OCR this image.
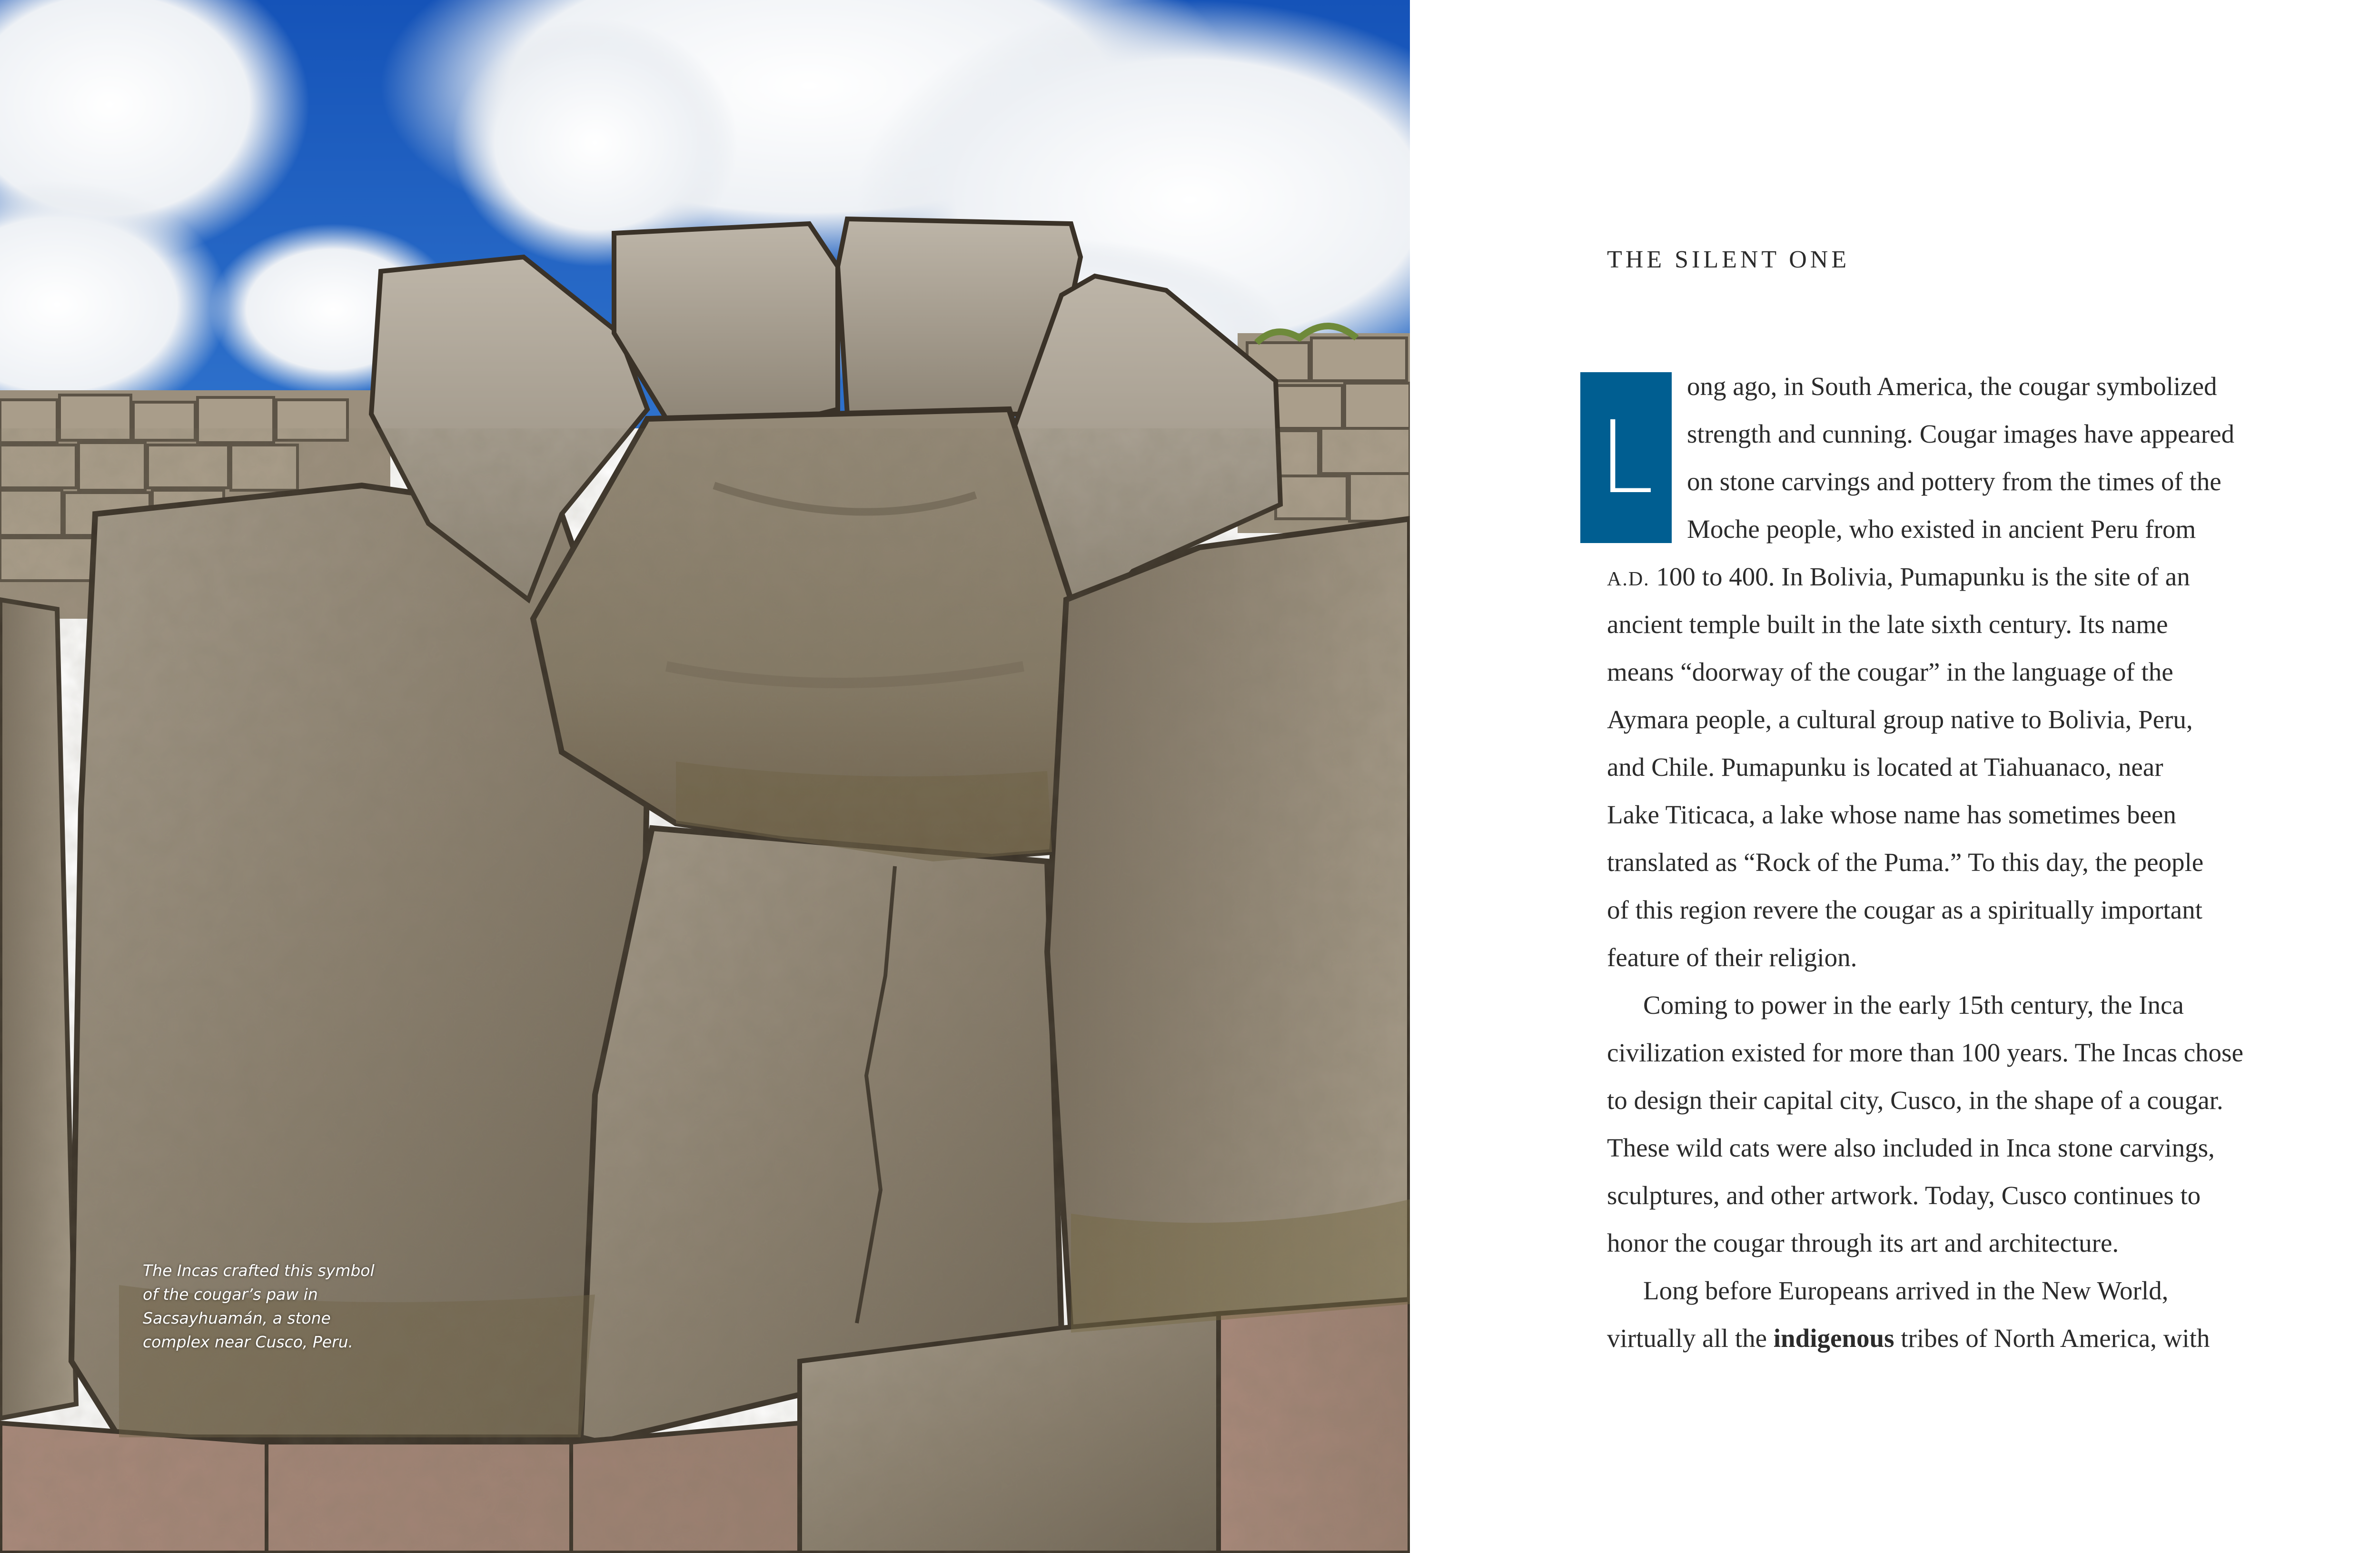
The Incas crafted this symbol of the cougar’s paw in Sacsayhuamán, a stone complex near Cusco, Peru.
THE SILENT ONE
L
ong ago, in South America, the cougar symbolized
strength and cunning. Cougar images have appeared
on stone carvings and pottery from the times of the
Moche people, who existed in ancient Peru from
A.D. 100 to 400. In Bolivia, Pumapunku is the site of an
ancient temple built in the late sixth century. Its name
means “doorway of the cougar” in the language of the
Aymara people, a cultural group native to Bolivia, Peru,
and Chile. Pumapunku is located at Tiahuanaco, near
Lake Titicaca, a lake whose name has sometimes been
translated as “Rock of the Puma.” To this day, the people
of this region revere the cougar as a spiritually important
feature of their religion.
Coming to power in the early 15th century, the Inca
civilization existed for more than 100 years. The Incas chose
to design their capital city, Cusco, in the shape of a cougar.
These wild cats were also included in Inca stone carvings,
sculptures, and other artwork. Today, Cusco continues to
honor the cougar through its art and architecture.
Long before Europeans arrived in the New World,
virtually all the indigenous tribes of North America, with
